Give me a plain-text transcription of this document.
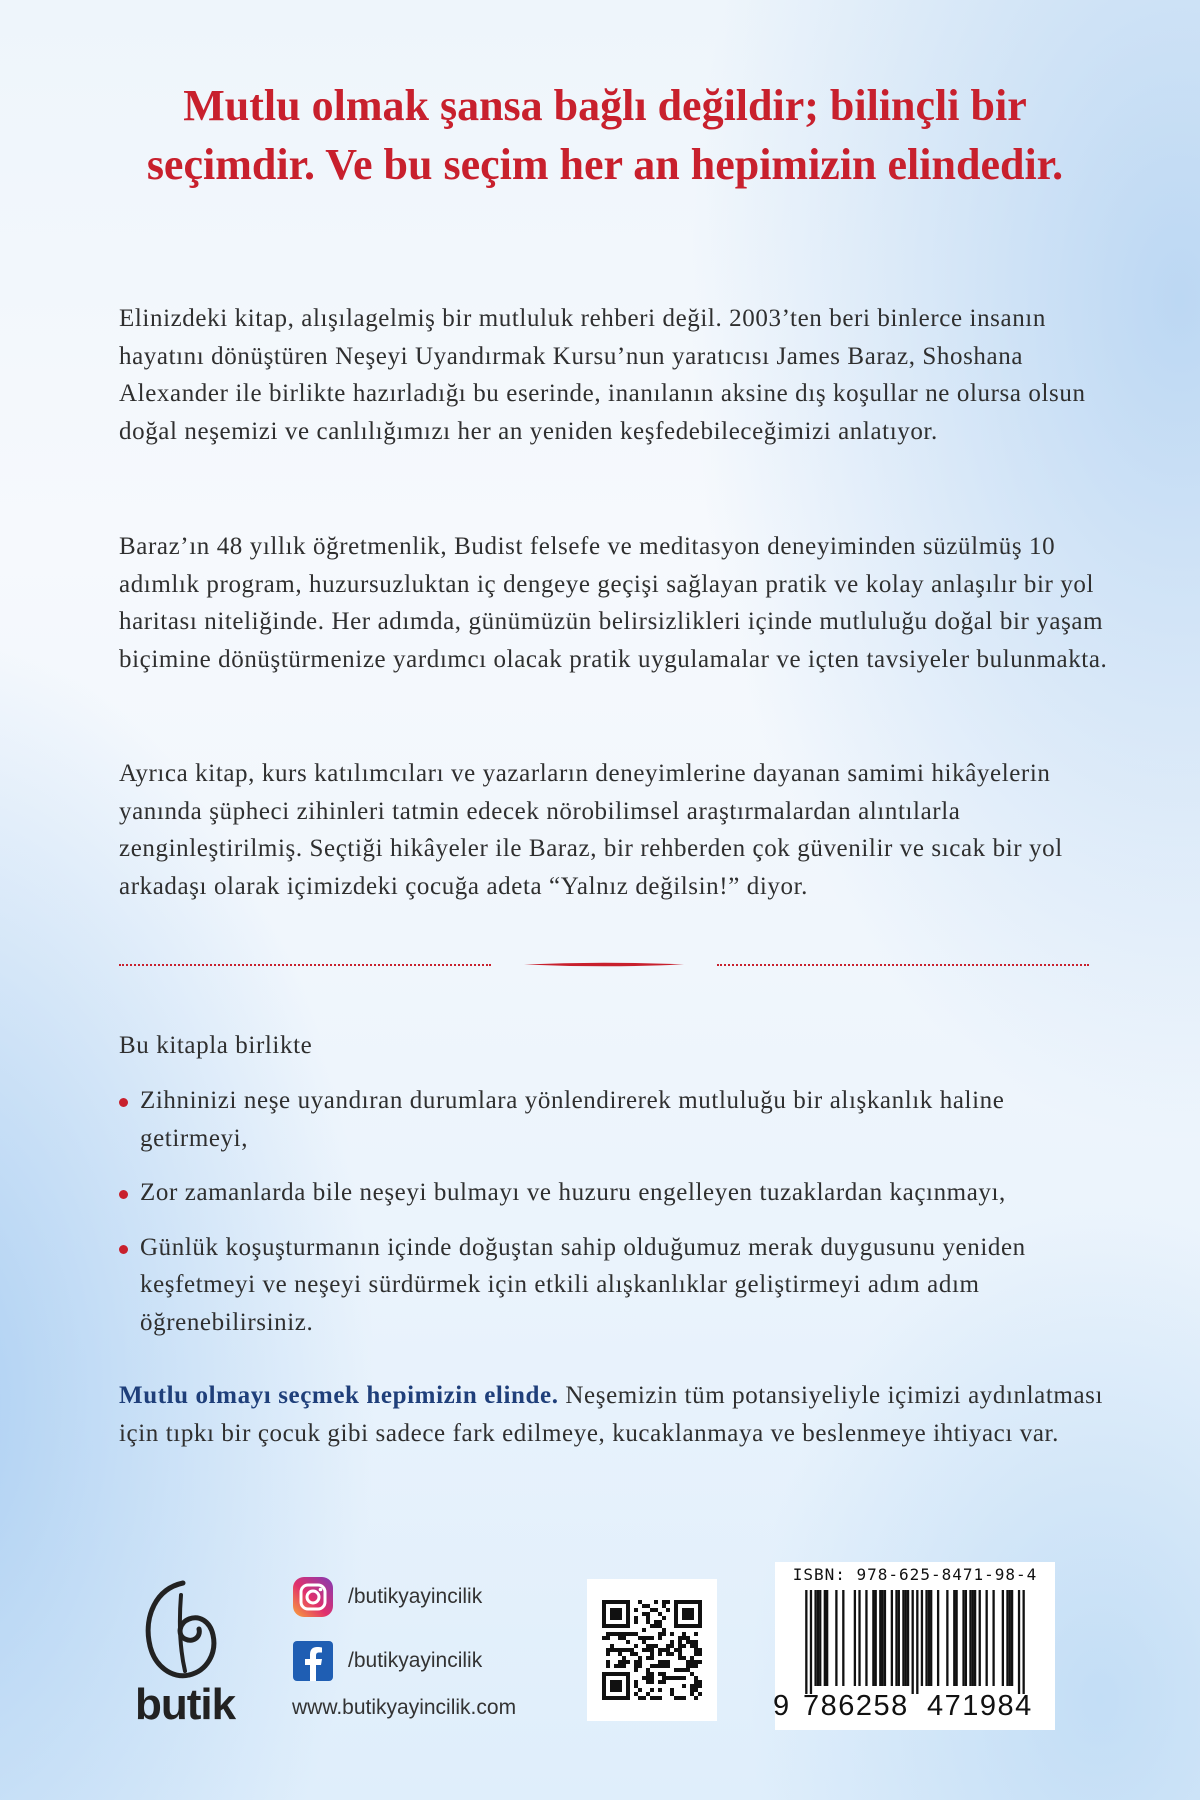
Mutlu olmak şansa bağlı değildir; bilinçli bir seçimdir. Ve bu seçim her an hepimizin elindedir.

Elinizdeki kitap, alışılagelmiş bir mutluluk rehberi değil. 2003’ten beri binlerce insanın hayatını dönüştüren Neşeyi Uyandırmak Kursu’nun yaratıcısı James Baraz, Shoshana Alexander ile birlikte hazırladığı bu eserinde, inanılanın aksine dış koşullar ne olursa olsun doğal neşemizi ve canlılığımızı her an yeniden keşfedebileceğimizi anlatıyor.

Baraz’ın 48 yıllık öğretmenlik, Budist felsefe ve meditasyon deneyiminden süzülmüş 10 adımlık program, huzursuzluktan iç dengeye geçişi sağlayan pratik ve kolay anlaşılır bir yol haritası niteliğinde. Her adımda, günümüzün belirsizlikleri içinde mutluluğu doğal bir yaşam biçimine dönüştürmenize yardımcı olacak pratik uygulamalar ve içten tavsiyeler bulunmakta.

Ayrıca kitap, kurs katılımcıları ve yazarların deneyimlerine dayanan samimi hikâyelerin yanında şüpheci zihinleri tatmin edecek nörobilimsel araştırmalardan alıntılarla zenginleştirilmiş. Seçtiği hikâyeler ile Baraz, bir rehberden çok güvenilir ve sıcak bir yol arkadaşı olarak içimizdeki çocuğa adeta “Yalnız değilsin!” diyor.

Bu kitapla birlikte

Zihninizi neşe uyandıran durumlara yönlendirerek mutluluğu bir alışkanlık haline getirmeyi,
Zor zamanlarda bile neşeyi bulmayı ve huzuru engelleyen tuzaklardan kaçınmayı,
Günlük koşuşturmanın içinde doğuştan sahip olduğumuz merak duygusunu yeniden keşfetmeyi ve neşeyi sürdürmek için etkili alışkanlıklar geliştirmeyi adım adım öğrenebilirsiniz.

Mutlu olmayı seçmek hepimizin elinde. Neşemizin tüm potansiyeliyle içimizi aydınlatması için tıpkı bir çocuk gibi sadece fark edilmeye, kucaklanmaya ve beslenmeye ihtiyacı var.

butik
/butikyayincilik
/butikyayincilik
www.butikyayincilik.com
ISBN: 978-625-8471-98-4
9 786258 471984
